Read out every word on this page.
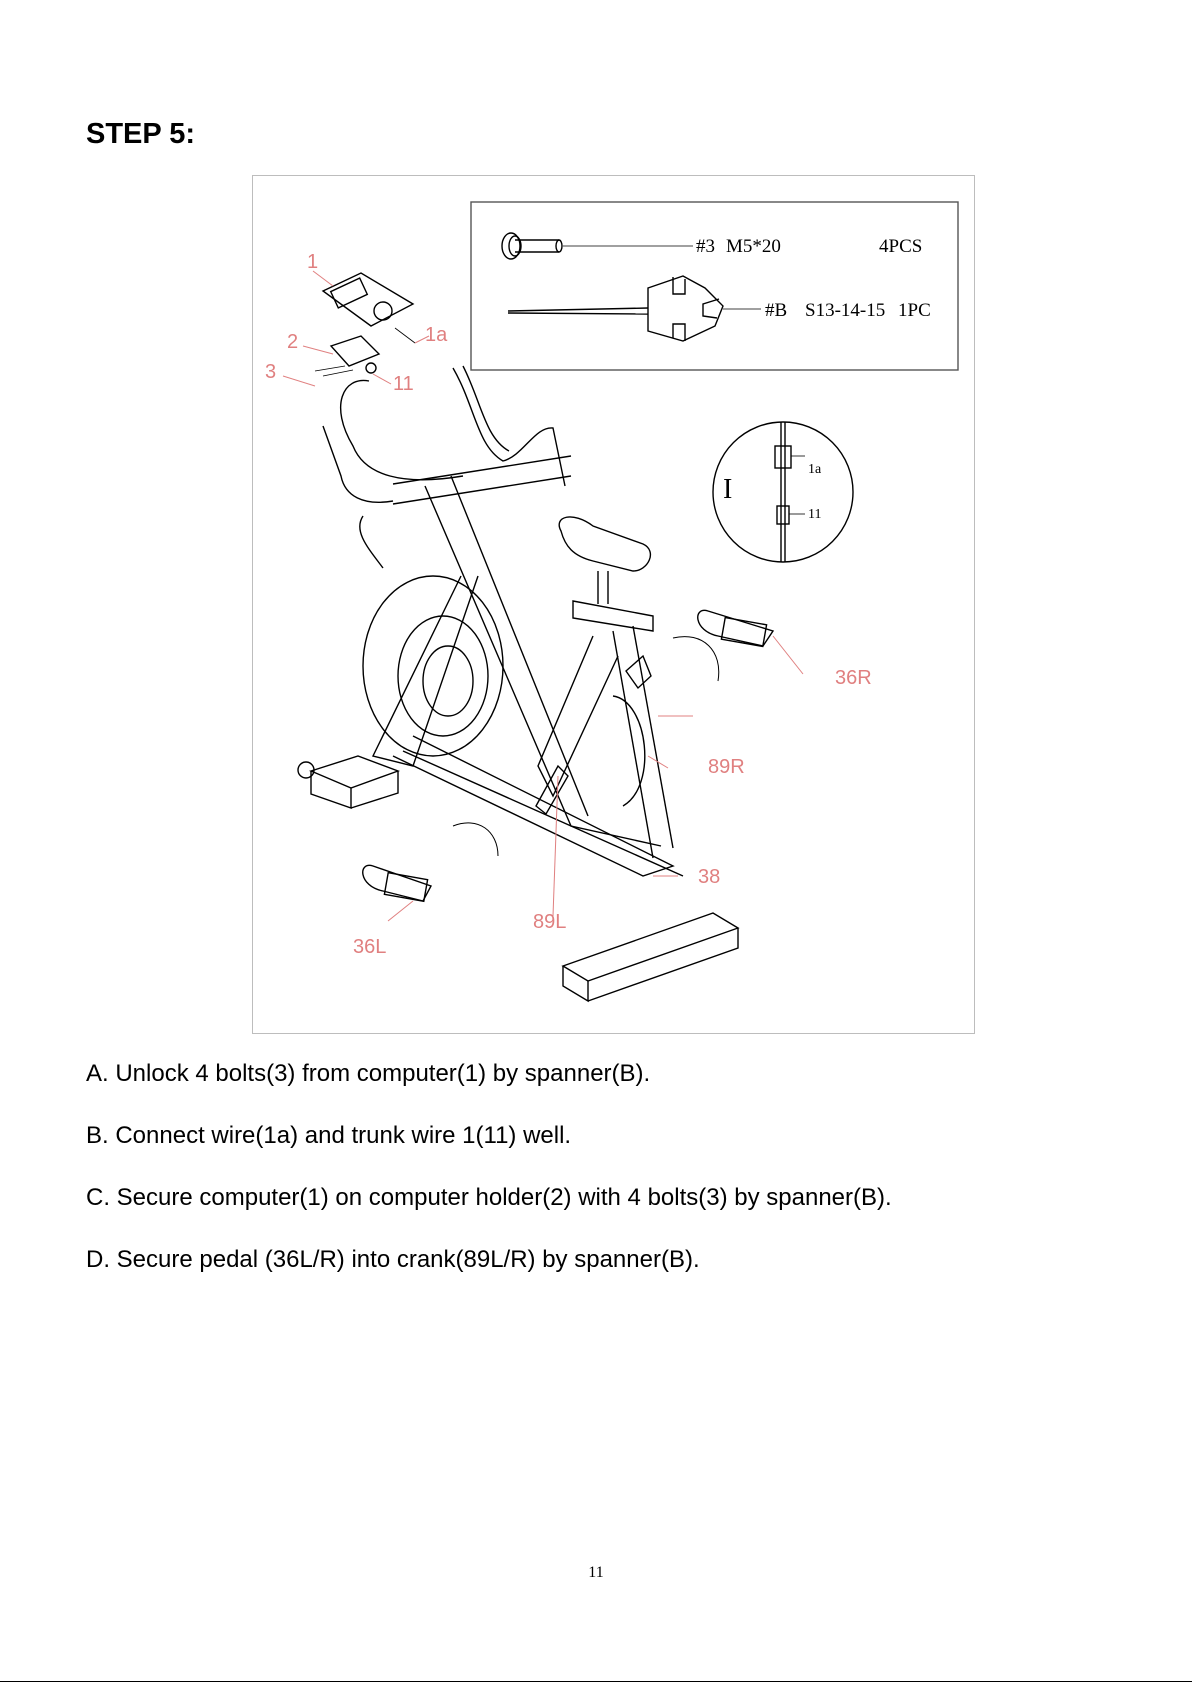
STEP 5:
#3 M5*20	4PCS
#B S13-14-15 1PC
I
1a
11
1
1a
2
3
11
36R
89R
38
89L
36L

A. Unlock 4 bolts(3) from computer(1) by spanner(B).

B. Connect wire(1a) and trunk wire 1(11) well.

C. Secure computer(1) on computer holder(2) with 4 bolts(3) by spanner(B).

D. Secure pedal (36L/R) into crank(89L/R) by spanner(B).

11
